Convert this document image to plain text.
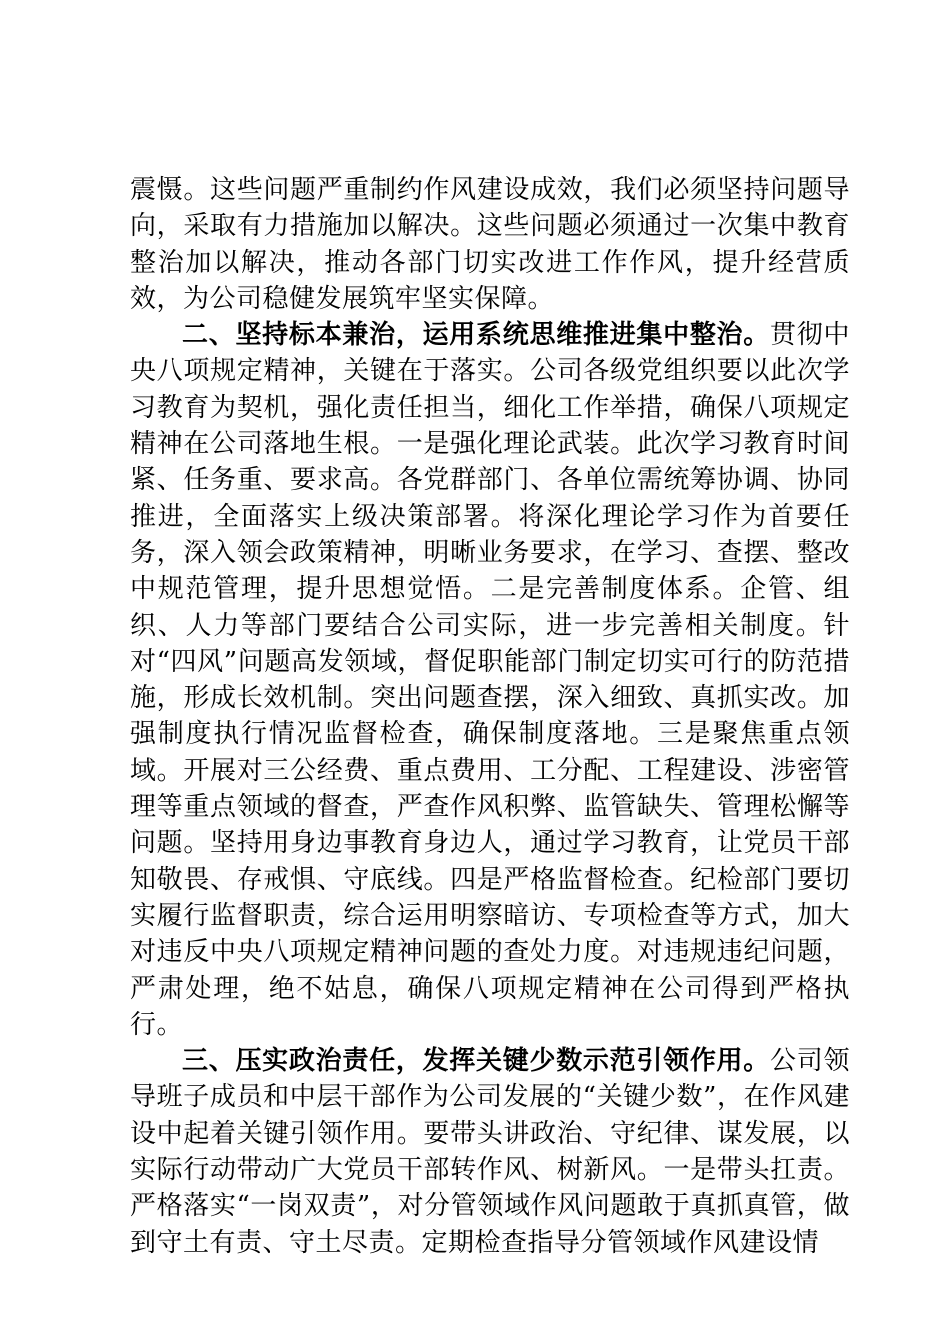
震慑。这些问题严重制约作风建设成效，我们必须坚持问题导向，采取有力措施加以解决。这些问题必须通过一次集中教育整治加以解决，推动各部门切实改进工作作风，提升经营质效，为公司稳健发展筑牢坚实保障。

二、坚持标本兼治，运用系统思维推进集中整治。贯彻中央八项规定精神，关键在于落实。公司各级党组织要以此次学习教育为契机，强化责任担当，细化工作举措，确保八项规定精神在公司落地生根。一是强化理论武装。此次学习教育时间紧、任务重、要求高。各党群部门、各单位需统筹协调、协同推进，全面落实上级决策部署。将深化理论学习作为首要任务，深入领会政策精神，明晰业务要求，在学习、查摆、整改中规范管理，提升思想觉悟。二是完善制度体系。企管、组织、人力等部门要结合公司实际，进一步完善相关制度。针对“四风”问题高发领域，督促职能部门制定切实可行的防范措施，形成长效机制。突出问题查摆，深入细致、真抓实改。加强制度执行情况监督检查，确保制度落地。三是聚焦重点领域。开展对三公经费、重点费用、工分配、工程建设、涉密管理等重点领域的督查，严查作风积弊、监管缺失、管理松懈等问题。坚持用身边事教育身边人，通过学习教育，让党员干部知敬畏、存戒惧、守底线。四是严格监督检查。纪检部门要切实履行监督职责，综合运用明察暗访、专项检查等方式，加大对违反中央八项规定精神问题的查处力度。对违规违纪问题，严肃处理，绝不姑息，确保八项规定精神在公司得到严格执行。

三、压实政治责任，发挥关键少数示范引领作用。公司领导班子成员和中层干部作为公司发展的“关键少数”，在作风建设中起着关键引领作用。要带头讲政治、守纪律、谋发展，以实际行动带动广大党员干部转作风、树新风。一是带头扛责。严格落实“一岗双责”，对分管领域作风问题敢于真抓真管，做到守土有责、守土尽责。定期检查指导分管领域作风建设情
